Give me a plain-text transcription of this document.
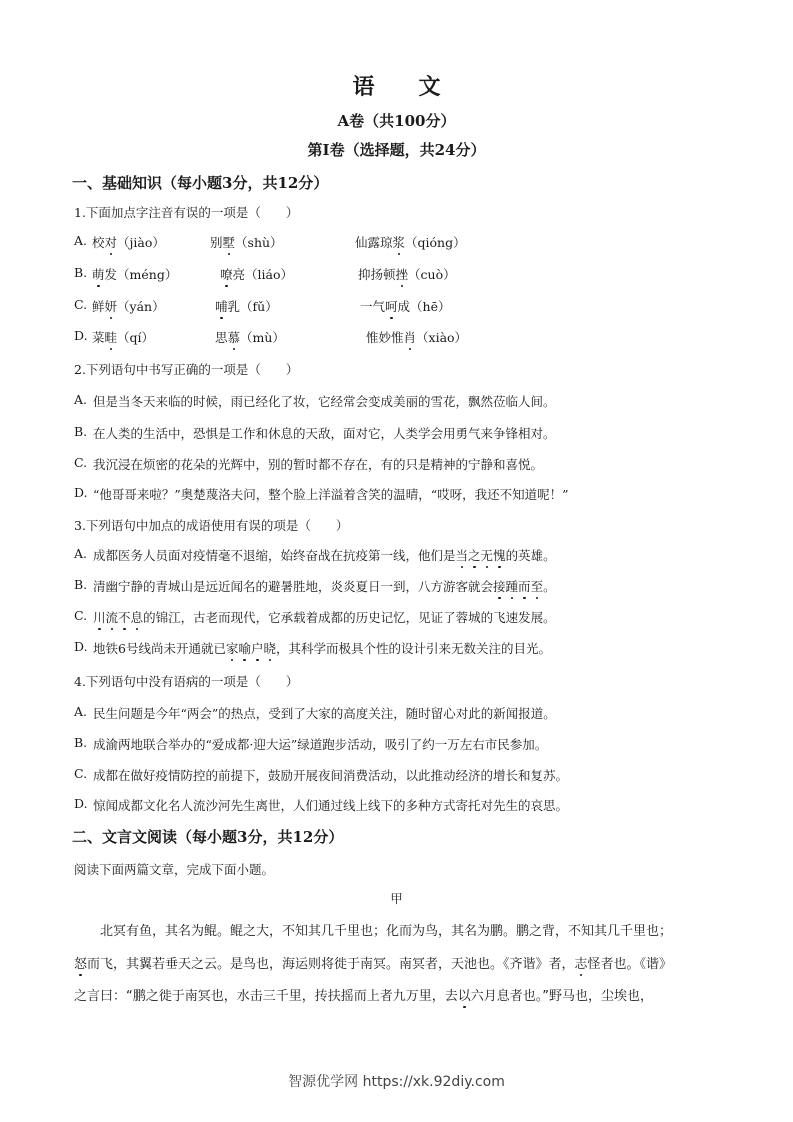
语　　文
A卷（共100分）
第Ⅰ卷（选择题，共24分）
一、基础知识（每小题3分，共12分）
1.下面加点字注音有误的一项是（　　）
A. 校对（jiào）	别墅（shù）	仙露琼浆（qióng）
B. 萌发（méng）	嘹亮（liáo）	抑扬顿挫（cuò）
C. 鲜妍（yán）	哺乳（fǔ）	一气呵成（hē）
D. 菜畦（qí）	思慕（mù）	惟妙惟肖（xiào）
2.下列语句中书写正确的一项是（　　）
A. 但是当冬天来临的时候，雨已经化了妆，它经常会变成美丽的雪花，飘然莅临人间。
B. 在人类的生活中，恐惧是工作和休息的天敌，面对它，人类学会用勇气来争锋相对。
C. 我沉浸在烦密的花朵的光辉中，别的暂时都不存在，有的只是精神的宁静和喜悦。
D. “他哥哥来啦？”奥楚蔑洛夫问，整个脸上洋溢着含笑的温晴，“哎呀，我还不知道呢！”
3.下列语句中加点的成语使用有误的项是（　　）
A. 成都医务人员面对疫情毫不退缩，始终奋战在抗疫第一线，他们是当之无愧的英雄。
B. 清幽宁静的青城山是远近闻名的避暑胜地，炎炎夏日一到，八方游客就会接踵而至。
C. 川流不息的锦江，古老而现代，它承载着成都的历史记忆，见证了蓉城的飞速发展。
D. 地铁6号线尚未开通就已家喻户晓，其科学而极具个性的设计引来无数关注的目光。
4.下列语句中没有语病的一项是（　　）
A. 民生问题是今年“两会”的热点，受到了大家的高度关注，随时留心对此的新闻报道。
B. 成渝两地联合举办的“爱成都·迎大运”绿道跑步活动，吸引了约一万左右市民参加。
C. 成都在做好疫情防控的前提下，鼓励开展夜间消费活动，以此推动经济的增长和复苏。
D. 惊闻成都文化名人流沙河先生离世，人们通过线上线下的多种方式寄托对先生的哀思。
二、文言文阅读（每小题3分，共12分）
阅读下面两篇文章，完成下面小题。
甲
北冥有鱼，其名为鲲。鲲之大，不知其几千里也；化而为鸟，其名为鹏。鹏之背，不知其几千里也；
怒而飞，其翼若垂天之云。是鸟也，海运则将徙于南冥。南冥者，天池也。《齐谐》者，志怪者也。《谐》
之言曰：“鹏之徙于南冥也，水击三千里，抟扶摇而上者九万里，去以六月息者也。”野马也，尘埃也，
智源优学网 https://xk.92diy.com
